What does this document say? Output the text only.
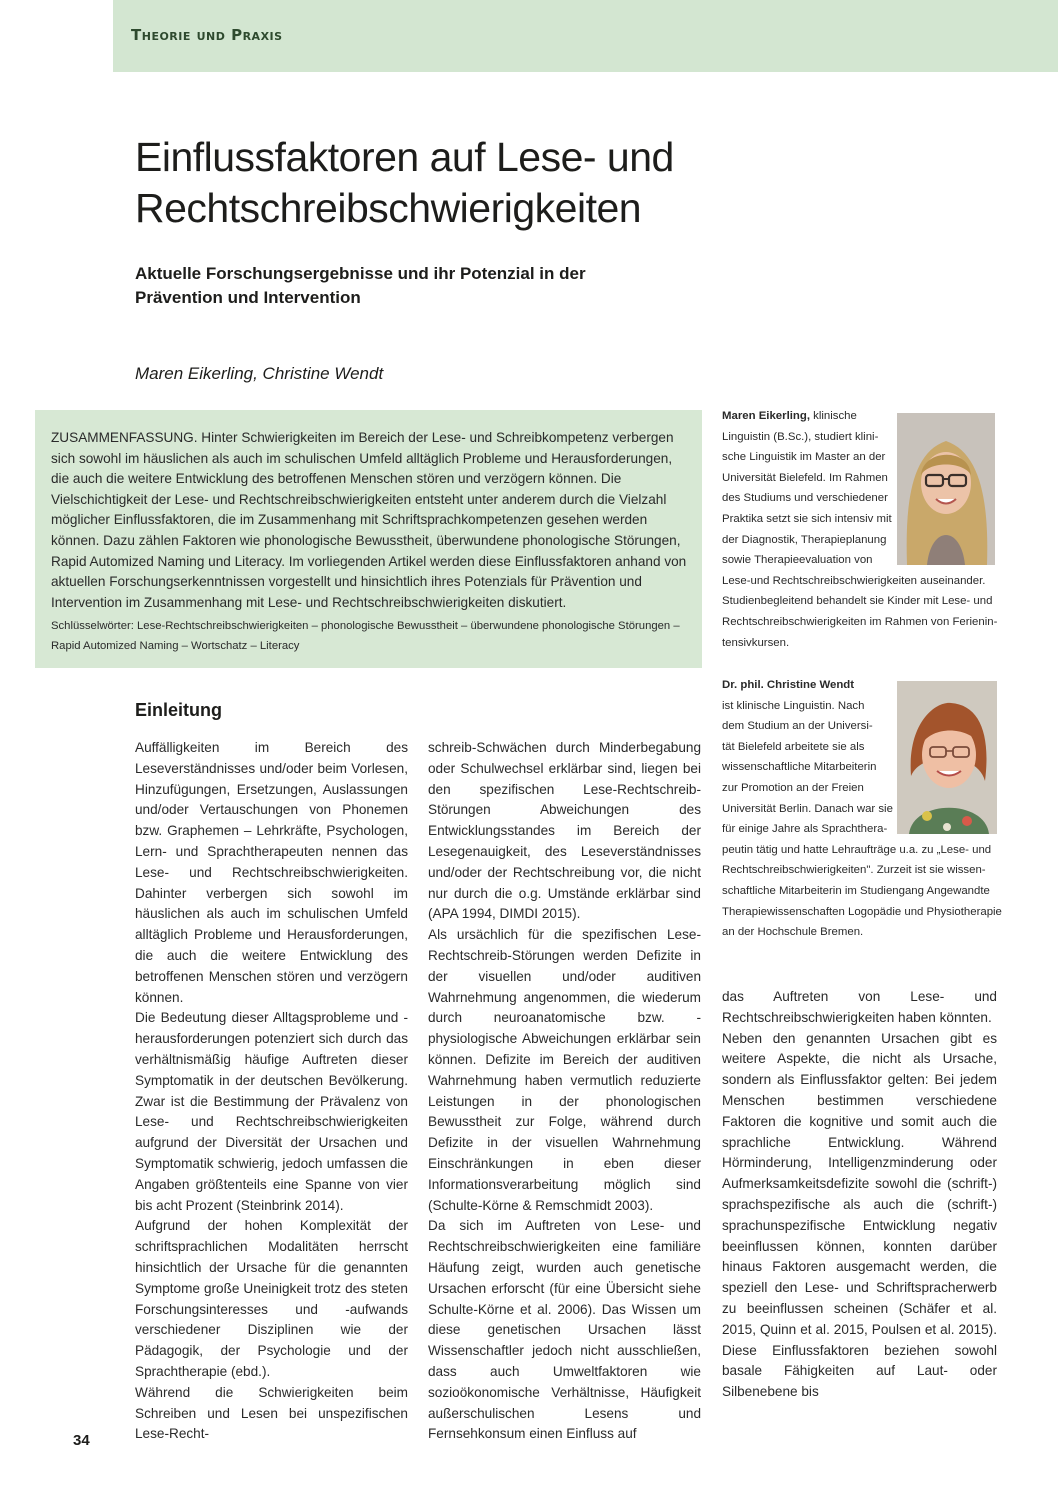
Theorie und Praxis
Einflussfaktoren auf Lese- und Rechtschreibschwierigkeiten
Aktuelle Forschungsergebnisse und ihr Potenzial in der Prävention und Intervention
Maren Eikerling, Christine Wendt
ZUSAMMENFASSUNG. Hinter Schwierigkeiten im Bereich der Lese- und Schreibkompetenz verbergen sich sowohl im häuslichen als auch im schulischen Umfeld alltäglich Probleme und Herausforderungen, die auch die weitere Entwicklung des betroffenen Menschen stören und verzögern können. Die Vielschichtigkeit der Lese- und Rechtschreibschwierigkeiten entsteht unter anderem durch die Vielzahl möglicher Einflussfaktoren, die im Zusammenhang mit Schriftsprachkompetenzen gesehen werden können. Dazu zählen Faktoren wie phonologische Bewusstheit, überwundene phonologische Störungen, Rapid Automized Naming und Literacy. Im vorliegenden Artikel werden diese Einflussfaktoren anhand von aktuellen Forschungserkenntnissen vorgestellt und hinsichtlich ihres Potenzials für Prävention und Intervention im Zusammenhang mit Lese- und Rechtschreibschwierigkeiten diskutiert.
Schlüsselwörter: Lese-Rechtschreibschwierigkeiten – phonologische Bewusstheit – überwundene phonologische Störungen – Rapid Automized Naming – Wortschatz – Literacy
Maren Eikerling, klinische
Linguistin (B.Sc.), studiert klini-
sche Linguistik im Master an der
Universität Bielefeld. Im Rahmen
des Studiums und verschiedener
Praktika setzt sie sich intensiv mit
der Diagnostik, Therapieplanung
sowie Therapieevaluation von
Lese-und Rechtschreibschwierigkeiten auseinander.
Studienbegleitend behandelt sie Kinder mit Lese- und
Rechtschreibschwierigkeiten im Rahmen von Ferienin-
tensivkursen.
Dr. phil. Christine Wendt
ist klinische Linguistin. Nach
dem Studium an der Universi-
tät Bielefeld arbeitete sie als
wissenschaftliche Mitarbeiterin
zur Promotion an der Freien
Universität Berlin. Danach war sie
für einige Jahre als Sprachthera-
peutin tätig und hatte Lehraufträge u.a. zu „Lese- und
Rechtschreibschwierigkeiten". Zurzeit ist sie wissen-
schaftliche Mitarbeiterin im Studiengang Angewandte
Therapiewissenschaften Logopädie und Physiotherapie
an der Hochschule Bremen.
Einleitung

Auffälligkeiten im Bereich des Leseverständnisses und/oder beim Vorlesen, Hinzufügungen, Ersetzungen, Auslassungen und/oder Vertauschungen von Phonemen bzw. Graphemen – Lehrkräfte, Psychologen, Lern- und Sprachtherapeuten nennen das Lese- und Rechtschreibschwierigkeiten. Dahinter verbergen sich sowohl im häuslichen als auch im schulischen Umfeld alltäglich Probleme und Herausforderungen, die auch die weitere Entwicklung des betroffenen Menschen stören und verzögern können.

Die Bedeutung dieser Alltagsprobleme und -herausforderungen potenziert sich durch das verhältnismäßig häufige Auftreten dieser Symptomatik in der deutschen Bevölkerung. Zwar ist die Bestimmung der Prävalenz von Lese- und Rechtschreibschwierigkeiten aufgrund der Diversität der Ursachen und Symptomatik schwierig, jedoch umfassen die Angaben größtenteils eine Spanne von vier bis acht Prozent (Steinbrink 2014).

Aufgrund der hohen Komplexität der schriftsprachlichen Modalitäten herrscht hinsichtlich der Ursache für die genannten Symptome große Uneinigkeit trotz des steten Forschungsinteresses und -aufwands verschiedener Disziplinen wie der Pädagogik, der Psychologie und der Sprachtherapie (ebd.).

Während die Schwierigkeiten beim Schreiben und Lesen bei unspezifischen Lese-Recht-

schreib-Schwächen durch Minderbegabung oder Schulwechsel erklärbar sind, liegen bei den spezifischen Lese-Rechtschreib-Störungen Abweichungen des Entwicklungsstandes im Bereich der Lesegenauigkeit, des Leseverständnisses und/oder der Rechtschreibung vor, die nicht nur durch die o.g. Umstände erklärbar sind (APA 1994, DIMDI 2015).

Als ursächlich für die spezifischen Lese-Rechtschreib-Störungen werden Defizite in der visuellen und/oder auditiven Wahrnehmung angenommen, die wiederum durch neuroanatomische bzw. -physiologische Abweichungen erklärbar sein können. Defizite im Bereich der auditiven Wahrnehmung haben vermutlich reduzierte Leistungen in der phonologischen Bewusstheit zur Folge, während durch Defizite in der visuellen Wahrnehmung Einschränkungen in eben dieser Informationsverarbeitung möglich sind (Schulte-Körne & Remschmidt 2003).

Da sich im Auftreten von Lese- und Rechtschreibschwierigkeiten eine familiäre Häufung zeigt, wurden auch genetische Ursachen erforscht (für eine Übersicht siehe Schulte-Körne et al. 2006). Das Wissen um diese genetischen Ursachen lässt Wissenschaftler jedoch nicht ausschließen, dass auch Umweltfaktoren wie sozioökonomische Verhältnisse, Häufigkeit außerschulischen Lesens und Fernsehkonsum einen Einfluss auf

das Auftreten von Lese- und Rechtschreibschwierigkeiten haben könnten.

Neben den genannten Ursachen gibt es weitere Aspekte, die nicht als Ursache, sondern als Einflussfaktor gelten: Bei jedem Menschen bestimmen verschiedene Faktoren die kognitive und somit auch die sprachliche Entwicklung. Während Hörminderung, Intelligenzminderung oder Aufmerksamkeitsdefizite sowohl die (schrift-) sprachspezifische als auch die (schrift-) sprachunspezifische Entwicklung negativ beeinflussen können, konnten darüber hinaus Faktoren ausgemacht werden, die speziell den Lese- und Schriftspracherwerb zu beeinflussen scheinen (Schäfer et al. 2015, Quinn et al. 2015, Poulsen et al. 2015). Diese Einflussfaktoren beziehen sowohl basale Fähigkeiten auf Laut- oder Silbenebene bis

34
